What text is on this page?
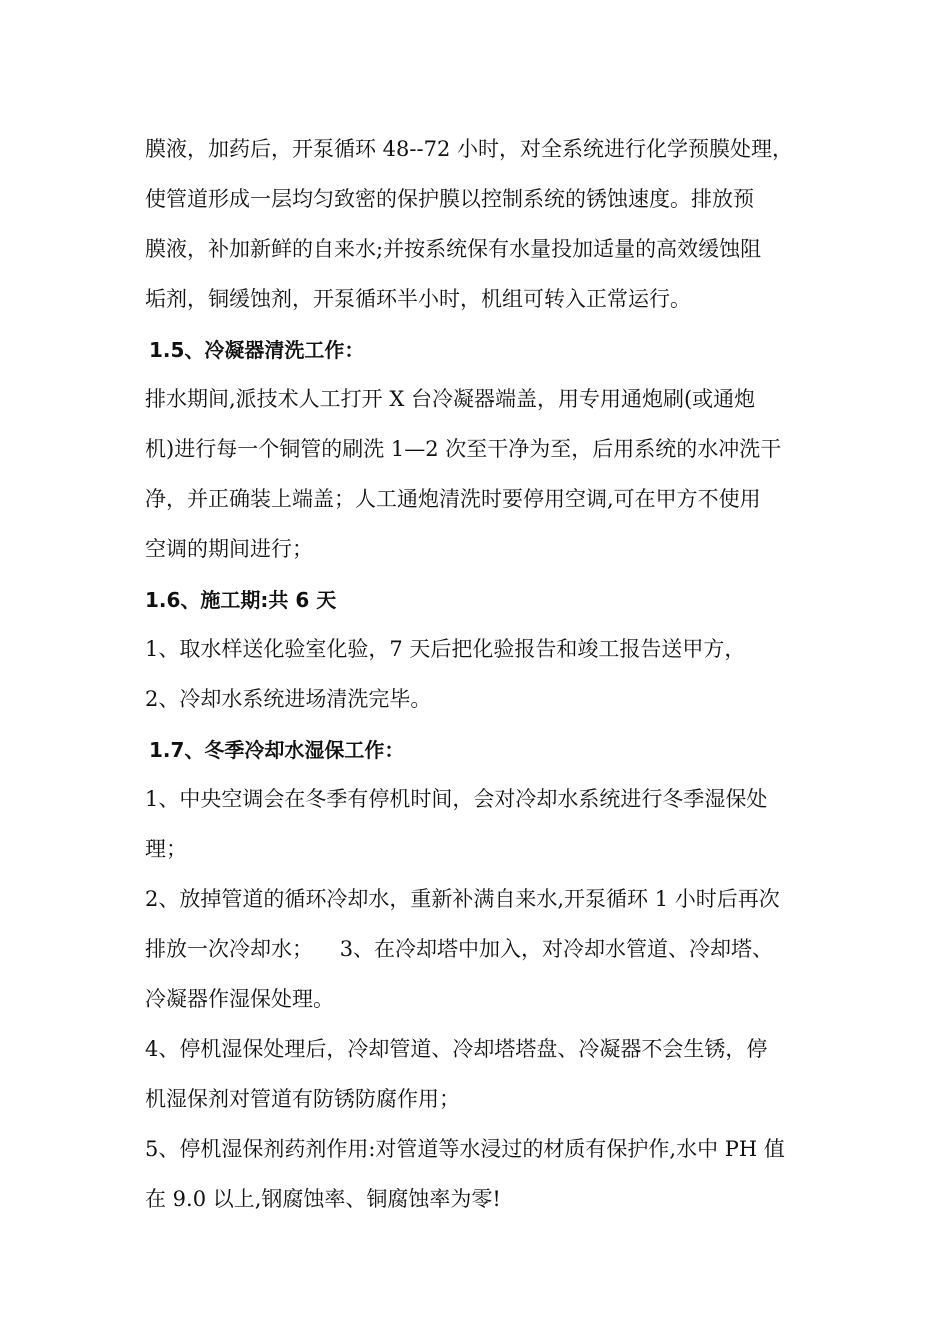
膜液，加药后，开泵循环 48--72 小时，对全系统进行化学预膜处理，

使管道形成一层均匀致密的保护膜以控制系统的锈蚀速度。排放预

膜液，补加新鲜的自来水;并按系统保有水量投加适量的高效缓蚀阻

垢剂，铜缓蚀剂，开泵循环半小时，机组可转入正常运行。

1.5、冷凝器清洗工作：

排水期间,派技术人工打开 X 台冷凝器端盖，用专用通炮刷(或通炮

机)进行每一个铜管的刷洗 1—2 次至干净为至，后用系统的水冲洗干

净，并正确装上端盖；人工通炮清洗时要停用空调,可在甲方不使用

空调的期间进行；

1.6、施工期:共 6 天

1、取水样送化验室化验，7 天后把化验报告和竣工报告送甲方，

2、冷却水系统进场清洗完毕。

1.7、冬季冷却水湿保工作：

1、中央空调会在冬季有停机时间，会对冷却水系统进行冬季湿保处

理；

2、放掉管道的循环冷却水，重新补满自来水,开泵循环 1 小时后再次

排放一次冷却水；    3、在冷却塔中加入，对冷却水管道、冷却塔、

冷凝器作湿保处理。

4、停机湿保处理后，冷却管道、冷却塔塔盘、冷凝器不会生锈，停

机湿保剂对管道有防锈防腐作用；

5、停机湿保剂药剂作用:对管道等水浸过的材质有保护作,水中 PH 值

在 9.0 以上,钢腐蚀率、铜腐蚀率为零!
